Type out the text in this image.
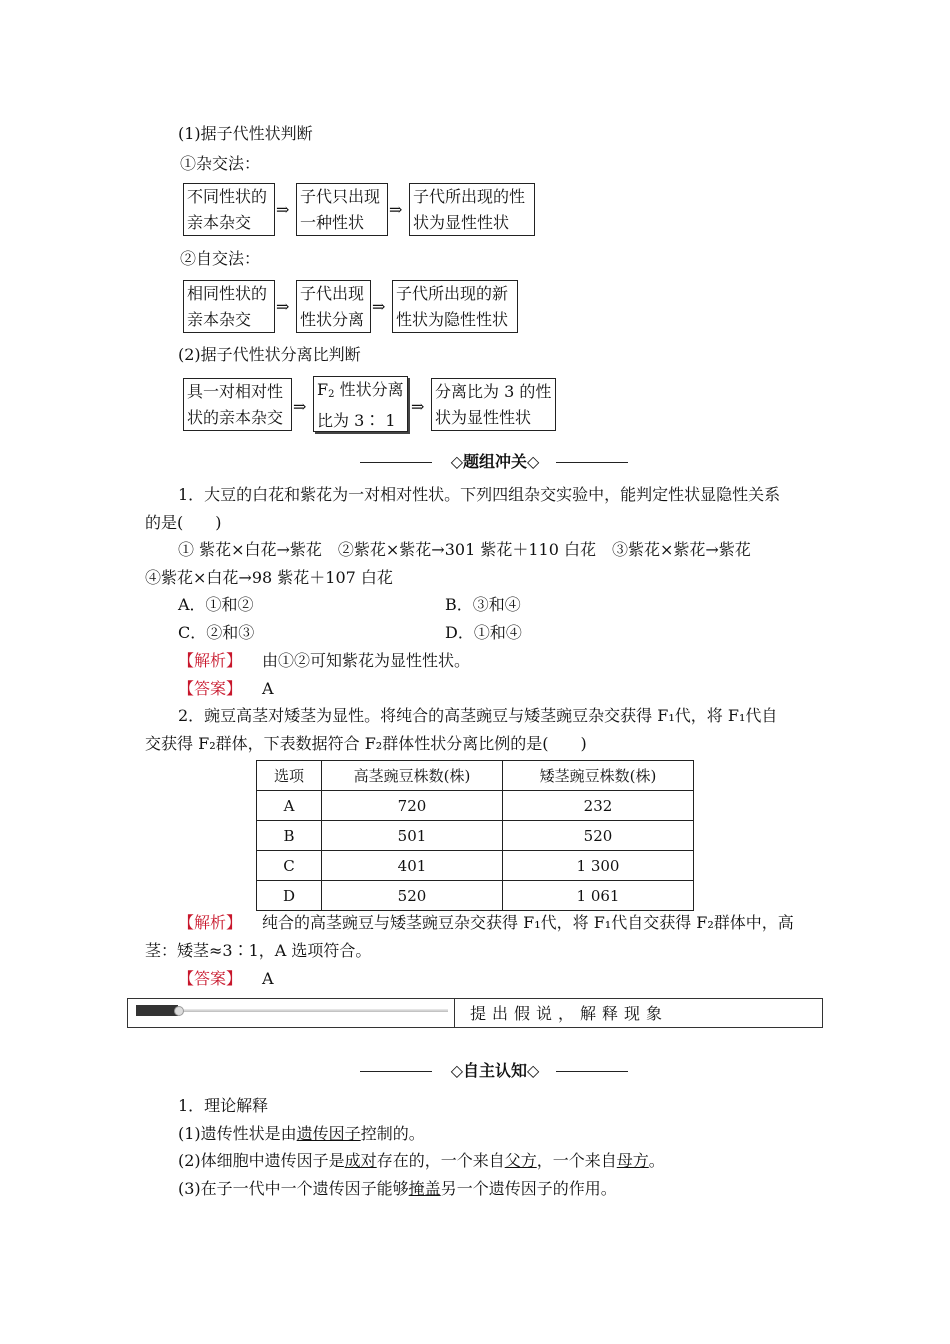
(1)据子代性状判断
①杂交法：
不同性状的
亲本杂交
⇒
子代只出现
一种性状
⇒
子代所出现的性
状为显性性状
②自交法：
相同性状的
亲本杂交
⇒
子代出现
性状分离
⇒
子代所出现的新
性状为隐性性状
(2)据子代性状分离比判断
具一对相对性
状的亲本杂交
⇒
$F_2$ 性状分离
比为 3∶ 1
⇒
分离比为 3 的性
状为显性性状
◇题组冲关◇
1．大豆的白花和紫花为一对相对性状。下列四组杂交实验中，能判定性状显隐性关系
的是(　　)
① 紫花×白花→紫花　②紫花×紫花→301 紫花＋110 白花　③紫花×紫花→紫花
④紫花×白花→98 紫花＋107 白花
A．①和②	B．③和④
C．②和③	D．①和④
【解析】 由①②可知紫花为显性性状。
【答案】 A
2．豌豆高茎对矮茎为显性。将纯合的高茎豌豆与矮茎豌豆杂交获得 F₁代，将 F₁代自
交获得 F₂群体，下表数据符合 F₂群体性状分离比例的是(　　)
选项	高茎豌豆株数(株)	矮茎豌豆株数(株)
A	720	232
B	501	520
C	401	1 300
D	520	1 061
【解析】 纯合的高茎豌豆与矮茎豌豆杂交获得 F₁代，将 F₁代自交获得 F₂群体中，高
茎：矮茎≈3∶1，A 选项符合。
【答案】 A
提出假说，解释现象
◇自主认知◇
1．理论解释
(1)遗传性状是由遗传因子控制的。
(2)体细胞中遗传因子是成对存在的，一个来自父方，一个来自母方。
(3)在子一代中一个遗传因子能够掩盖另一个遗传因子的作用。
